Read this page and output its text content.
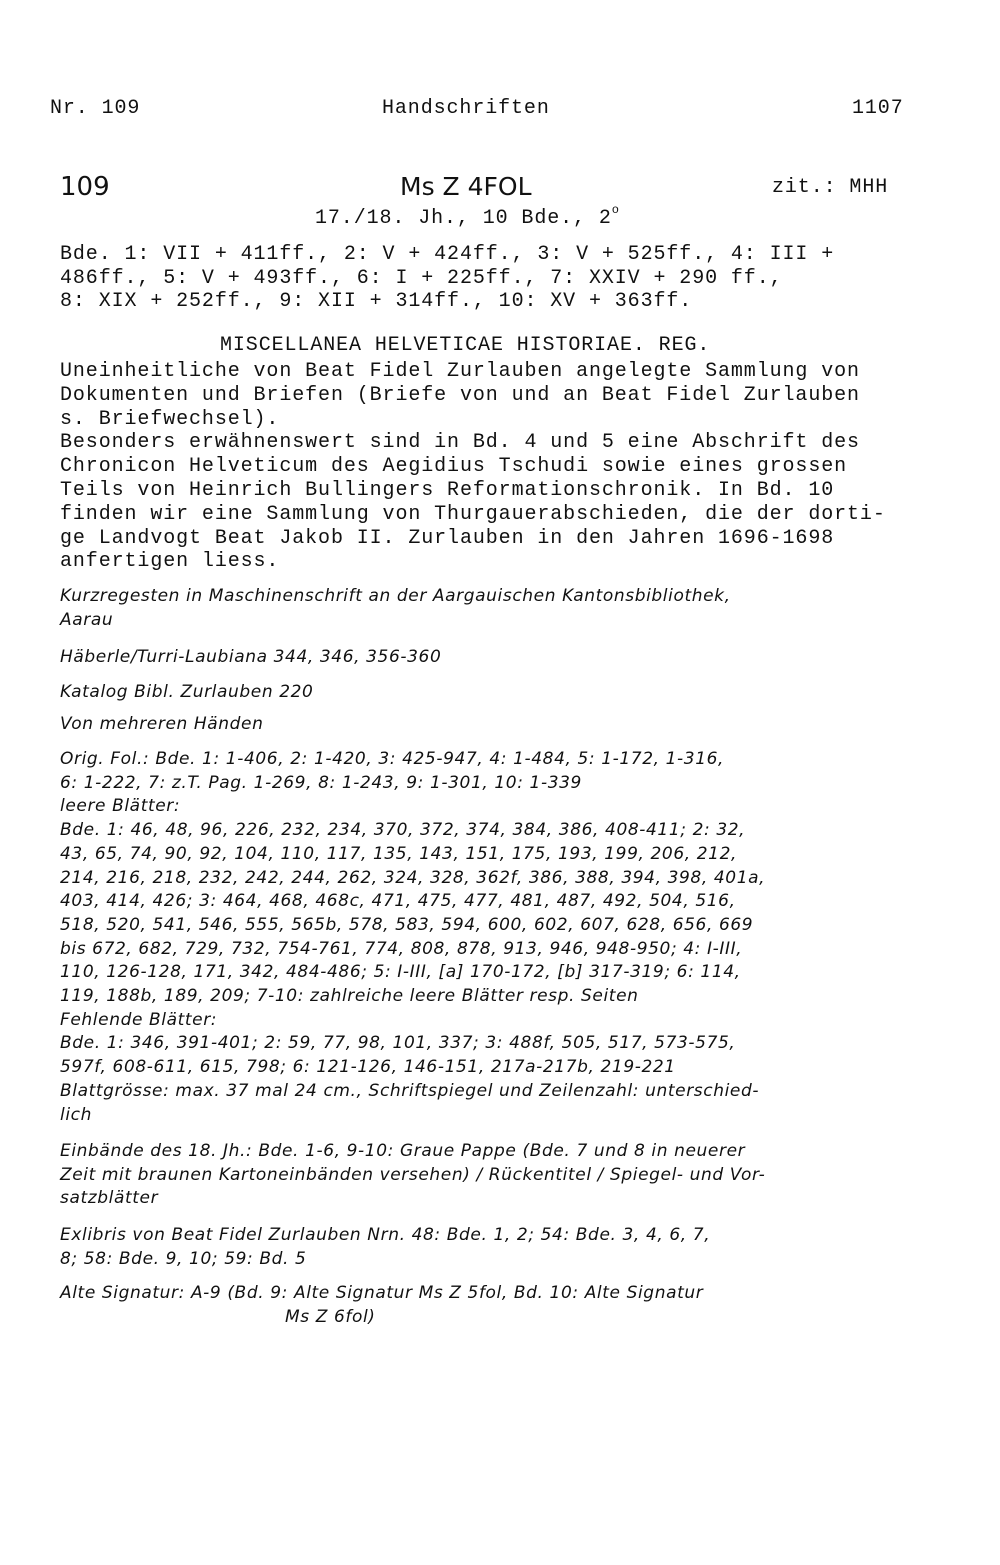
Nr. 109	Handschriften	1107
109	Ms Z 4FOL	zit.: MHH
17./18. Jh., 10 Bde., 2$^o$
Bde. 1: VII + 411ff., 2: V + 424ff., 3: V + 525ff., 4: III +
486ff., 5: V + 493ff., 6: I + 225ff., 7: XXIV + 290 ff.,
8: XIX + 252ff., 9: XII + 314ff., 10: XV + 363ff.
MISCELLANEA HELVETICAE HISTORIAE. REG.
Uneinheitliche von Beat Fidel Zurlauben angelegte Sammlung von
Dokumenten und Briefen (Briefe von und an Beat Fidel Zurlauben
s. Briefwechsel).
Besonders erwähnenswert sind in Bd. 4 und 5 eine Abschrift des
Chronicon Helveticum des Aegidius Tschudi sowie eines grossen
Teils von Heinrich Bullingers Reformationschronik. In Bd. 10
finden wir eine Sammlung von Thurgauerabschieden, die der dorti-
ge Landvogt Beat Jakob II. Zurlauben in den Jahren 1696-1698
anfertigen liess.
Kurzregesten in Maschinenschrift an der Aargauischen Kantonsbibliothek,
Aarau
Häberle/Turri-Laubiana 344, 346, 356-360
Katalog Bibl. Zurlauben 220
Von mehreren Händen
Orig. Fol.: Bde. 1: 1-406, 2: 1-420, 3: 425-947, 4: 1-484, 5: 1-172, 1-316,
6: 1-222, 7: z.T. Pag. 1-269, 8: 1-243, 9: 1-301, 10: 1-339
leere Blätter:
Bde. 1: 46, 48, 96, 226, 232, 234, 370, 372, 374, 384, 386, 408-411; 2: 32,
43, 65, 74, 90, 92, 104, 110, 117, 135, 143, 151, 175, 193, 199, 206, 212,
214, 216, 218, 232, 242, 244, 262, 324, 328, 362f, 386, 388, 394, 398, 401a,
403, 414, 426; 3: 464, 468, 468c, 471, 475, 477, 481, 487, 492, 504, 516,
518, 520, 541, 546, 555, 565b, 578, 583, 594, 600, 602, 607, 628, 656, 669
bis 672, 682, 729, 732, 754-761, 774, 808, 878, 913, 946, 948-950; 4: I-III,
110, 126-128, 171, 342, 484-486; 5: I-III, [a] 170-172, [b] 317-319; 6: 114,
119, 188b, 189, 209; 7-10: zahlreiche leere Blätter resp. Seiten
Fehlende Blätter:
Bde. 1: 346, 391-401; 2: 59, 77, 98, 101, 337; 3: 488f, 505, 517, 573-575,
597f, 608-611, 615, 798; 6: 121-126, 146-151, 217a-217b, 219-221
Blattgrösse: max. 37 mal 24 cm., Schriftspiegel und Zeilenzahl: unterschied-
lich
Einbände des 18. Jh.: Bde. 1-6, 9-10: Graue Pappe (Bde. 7 und 8 in neuerer
Zeit mit braunen Kartoneinbänden versehen) / Rückentitel / Spiegel- und Vor-
satzblätter
Exlibris von Beat Fidel Zurlauben Nrn. 48: Bde. 1, 2; 54: Bde. 3, 4, 6, 7,
8; 58: Bde. 9, 10; 59: Bd. 5
Alte Signatur: A-9 (Bd. 9: Alte Signatur Ms Z 5fol, Bd. 10: Alte Signatur
Ms Z 6fol)
